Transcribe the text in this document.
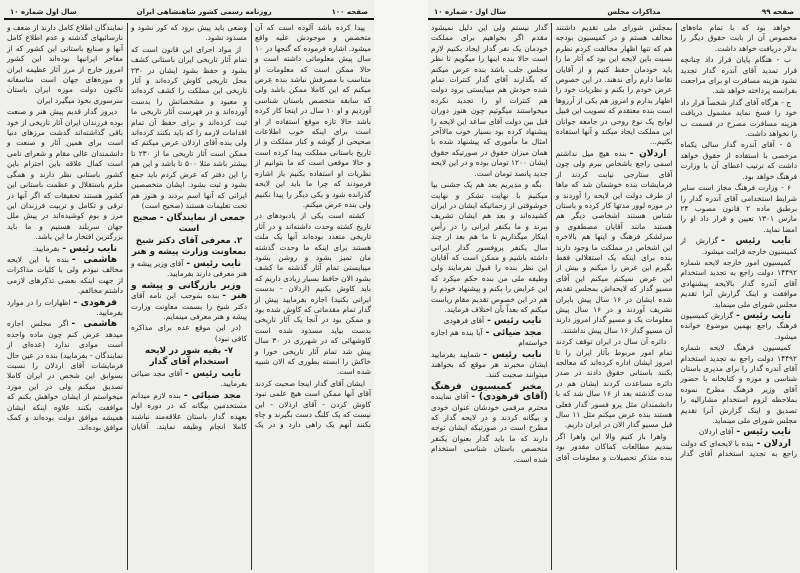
صفحه ۱۰۰
روزنامه رسمی کشور شاهنشاهی ایران
سال اول شماره ۱۰

پیدا کرده باشد آلوده است که آن متخصص و موجودش علیه واقع میشود. اشاره فرموده که گنجها در ۱۰ سال پیش معلوماتی داشته است و حالا ممکن است که معلومات او متناسب با مصرفش نباشد بنده عرض میکنم که این کاملا ممکن باشد ولی که سابقه متخصص باستان شناسی آوردیم و او ۱۰ سال در اینجا کار کرده باشد حالا تازه موقع استفاده از او است برای اینکه خوب اطلاعات صحیحی از گوشه و کنار مملکت و از تاریخ باستانی مملکت پیدا کرده است و حالا موقعی است که ما بتوانیم از نظریات او استفاده بکنیم باز اشاره فرمودند که چرا ما باید این لایحه گذرانده شود و یکی دیگر را پیدا نکنیم ولی بنده عرض میکنم.

کشته است یکی از یادبودهای در تاریخ کشته وحدت داشته‌اند و در آثار تاریخی متعدد بوده‌اند آنها یک ملت هستند برای اینکه ما وحدت گذشته مان تمیز بشود و روشن بشود میبایستی تمام آثار گذشته ما کشف بشود الان حافظ بسیار زیادی داریم که باید کاوش بکنیم (اردلان - بدست ایرانی بکنید) اجازه بفرمایید پیش از گدار تمام مقدماتی که کاوش شده بود و ممکن بود در آنجا یک آثار تاریخی بدست بیاید مسدود شده است کاوشهائی که در شهرری در ۳۰ سال پیش شد تمام آثار تاریخی خورا و خاکش را ابسته بطوری که الان شبیه شده است.

ایشان آقای گدار اینجا صحبت کردند آقای آنها ممکن است هیچ علمی نبود کاوش کردن - آقای اردلان - این نیست که یک کلنگ دست بگیرند و چاه بکنند آنهم یک راهی دارد و در یک وضعی باید پیش برود که کور نشود و مسدود نشود.

از مواد اجرای این قانون است که تمام آثار تاریخی ایران باستانی کشف بشود و حفظ بشود ایشان در ۲۳۰ محل تاریخی کاوش کرده‌اند و آثار تاریخی این مملکت را کشف کرده‌اند و معبود و مشخصاتش را بدست آورده‌اند و در فهرست آثار تاریخی ما ثبت کرده‌اند و برای حفظ آن تمام اقدامات لازمه را که باید بکنند کرده‌اند ولی بنده آقای اردلان عرض میکنم که ممکن است آثار تاریخی ما از ۲۳۰ تا بیشتر باشد مثلا ۵۰۰ تا باشد و این هم را این دفتر که عرض کردم باید جمع بشود و ثبت بشود. ایشان متخصصین ایرانی که آنها اسم بردند و هنوز هم تحت تعلیمات هستند (صحیح است)

جمعی از نمایندگان - صحیح است

۲. معرفی آقای دکتر شیخ بمعاونت وزارت پیشه و هنر

نایب رئیس -آقای وزیر پیشه و هنر معرفی دارند بفرمایید.

وزیر بازرگانی و پیشه و هنر -بنده بموجب این نامه آقای دکتر شیخ را بسمت معاونت وزارت پیشه و هنر معرفی مینمایم.

(در این موقع عده برای مذاکره کافی نبود)

۷- بقیه شور در لایحه استخدام آقای گدار

نایب رئیس -آقای مجد ضیائی بفرمایید.

مجد ضیائی -بنده لازم میدانم مستخدمین بیگانه که در دوره اول بعهده گدار باستان علاقه‌مند نباشند کاملا انجام وظیفه نمایند. آقایان نمایندگان اطلاع کامل دارند از ضعف و نارسائیهای گذشته و عدم اطلاع کامل آنها و صنایع باستانی این کشور که از مفاخر ایرانیها بوده‌اند این کشور امروز خارج از مرز آثار عظیمه ایران و موزه‌های جهان است متاسفانه تاکنون دولت موزه ایران باستان سرسوری بخود میگیرد ایران

دیروز گدار قدیم پیش هنر و صنعت بوده فرزندان ایران آثار تاریخی از خود باقی گذاشته‌اند گذشت مرزهای دنیا است برای همین آثار و صنعت و دانشمندان عالی مقام و شعرای نامی است کمال علاقه باین احترام باین کشور باستانی نظر دارند و همگی ملزم باستقلال و عظمت باستانی این کشور هستند تحقیقات که اگر آنها در ترقی و تکامل و تربیت فرزندان این مرز و بوم کوشیده‌اند در پیش ملل جهان سربلند هستیم و ما باید بزرگترین افتخار ما این باشد.

نایب رئیس -بفرمایید.

هاشمی -بنده با این لایحه مخالف نبودم ولی با کلیات مذاکرات از جهت اینکه بعضی تذکرهای لازمی داشتم مخالفم.

فرهودی -اظهارات را در موارد بفرمایید.

هاشمی -اگر مجلس اجازه میدهد عرض کنم چون ماده واحده است موادی ندارد (عده‌ای از نمایندگان - بفرمایید) بنده در عین حال فرمایشات آقای اردلان را نسبت بسوابق این شخص در ایران کاملا تصدیق میکنم ولی در این مورد میخواستم از ایشان خواهش بکنم که موافقت بکنند علاوه اینکه ایشان همیشه موافق دولت بوده‌اند و کمک موافق بوده‌اند.

صفحه ۹۹
مذاکرات مجلس
سال اول - شماره ۱۰

خواهد بود که با تمام ماه‌های مخصوص آن از بابت حقوق دیگر را بدلار دریافت خواهد داشت.

ب - هنگام پایان قرار داد چنانچه قرار تمدید آقای آندره گدار تجدید نشود هزینه مسافرت او برای مراجعت بفرانسه پرداخته خواهد شد.

ج - هرگاه آقای گدار شخصاً قرار داد خود را فسخ نماید مشمول دریافت هزینه مسافرت مصرح در قسمت ب را نخواهد داشت.

۵ - آقای آندره گدار سالی یکماه مرخصی با استفاده از حقوق خواهد داشت که ترتیب اعطای آن با وزارت فرهنگ خواهد بود.

۶ - وزارت فرهنگ مجاز است سایر شرایط استخدامی آقای آندره گدار را برطبق ماده ۲ قانون مصوب ۲۴ مارس ۱۳۰۱ تعیین و قرار داد او را امضا نماید.

نایب رئیس -گزارش از کمیسیون خارجه قرائت میشود.

کمیسیون امور خارجه لایحه شماره ۱۴۴۹۲ دولت راجع به تجدید استخدام آقای آندره گدار بالایحه پیشنهادی موافقت و اینک گزارش آنرا تقدیم مجلس شورای ملی مینماید.

نایب رئیس -گزارش کمیسیون فرهنگ راجع بهمین موضوع خوانده میشود.

کمیسیون فرهنگ لایحه شماره ۱۴۴۹۲ دولت راجع به تجدید استخدام آقای آندره گدار را برای مدیری باستان شناسی و موزه و کتابخانه با حضور آقای وزیر فرهنگ مطرح نموده بملاحظه لزوم استخدام مشارالیه را تصدیق و اینک گزارش آنرا تقدیم مجلس شورای ملی مینماید.

نایب رئیس -آقای اردلان

اردلان -بنده با لایحه‌ای که دولت راجع به تجدید استخدام آقای گدار بمجلس شورای ملی تقدیم داشتند مخالف هستم و در کمیسیون بودجه هم که تنها اظهار مخالفت کردم نظرم نسبت باین لایحه این بود که آثار ما را باید خودمان حفظ کنیم و از آقایان تقاضا دارم رأی ندهند. در این خصوص عرض خودم را بکنم و نظریات خود را اظهار بدارم و امروز هم یکی از آرزوها است بنده معتقدم که تصویب این قبیل لوایح یک نوع روحی در جامعه جوانان این مملکت ایجاد میکند و آنها استفاده بکنیم...

اردلان -بنده هیچ میل نداشتم اسمی راجع باشخاص ببرم ولی چون آقای ستارجی نیابت کردند از فرمایشات بنده خوشمان شد که ماها از طرف دولت این لایحه را آوردند و در موزه لوور مدتها کار کرده و باستان شناس هستند اشخاصی دیگر هم هستند مانند آقایان مصطفوی و سرلشکر فرهنگ و اینها هم بالاخره این اشخاص در مملکت ما وجود دارند بنده برای اینکه یک استقلالی فقط بگیرم این عرض را میکنم و بیش از این عرض نمیکنم میکنم این آقای مسیو گدار که لایحه‌اش بمجلس تقدیم شده ایشان در ۱۶ سال پیش بایران تشریف آوردند و در ۱۶ سال پیش معلومات یک و مسیو گدار امروز دارند آن مسیو گدار ۱۶ سال پیش نداشتند.

دائره آن سال در ایران توقف کردند تمام امور مربوط بآثار ایران را تا امروز ایشان اداره کرده‌اند که معالجه بکنند باستانی حقوق دادند در صدر دائره مساعدت کردند ایشان هم در مدت گذشته بعد از ۱۶ سال شد که با دانشمندان مثل پرو فسور گدار فعلی هستند بنده عرض میکنم مثل ۱۱ سال قبل مسیو گدار الان در ایران داریم.

واهرا باز کنیم والا این واهرا اگر ببندیم مطالعات کماکان مقدور بود بنده متذکر تحصیلات و معلومات آقای گدار نیستم ولی این دلیل نمیشود مقدم اگر بخواهیم برای مملکت خودمان یک نفر گدار ایجاد بکنیم لازم است حالا بنده اینها را میگویم تا نظر مجلس جلب باشد بنده عرض میکنم که بگذارند آقای گدار کنترات تمام شده خودش هم میبایستی برود دولت هم کنترات او را تجدید نکرده میخواستند میگوئیم چون هنوز دوران قبل بین دولت آقای ساعد این لایحه را پیشنهاد کرده بود بسیار خوب مالاآخر امثال ما مأموری که پیشنهاد شده با همان میزان حقوق در صورتیکه حقوق ایشان ۱۲۰۰ تومان بوده و در این لایحه جدید پانصد تومان است.

بگه و مدیریم بعد هم یک جشنی بیا میکنیم با نهایت تشکر و نهایت خوشوقتی از زحماتیکه ایشان در ایران کشیده‌اند و بعد هم ایشان تشریف ببرند و ما یکنفر ایرانی را در رأس اینکار میگذاریم تا ما هم بعد از چند سال یکنفر پروفسور گدار ایرانی داشته باشیم و ممکن است که آقایان این نظر بنده را قبول نفرمایند ولی وظیفه ملی من بنده حکم میکرد که این عرایض را بکنم و پیشنهاد خودم را هم در این خصوص تقدیم مقام ریاست میکنم که بعداً بآن اختلاف فرمایند.

نایب رئیس -آقای فرهودی

مجد ضیائی -آیا بنده هم اجازه خواسته‌ام

نایب رئیس -شمایید بفرمایید ایشان مخبرند هر موقع که بخواهند میتوانند صحبت کنند.

مخبر کمیسیون فرهنگ (آقای فرهودی) -آقای نماینده محترم مرقمی خودشان عنوان خودی و بیگانه کردند و در لایحه گدار که مطرح است در صورتیکه ایشان توجه دارند که ما باید گدار بعنوان یکنفر متخصص باستان شناسی استخدام شده است.
